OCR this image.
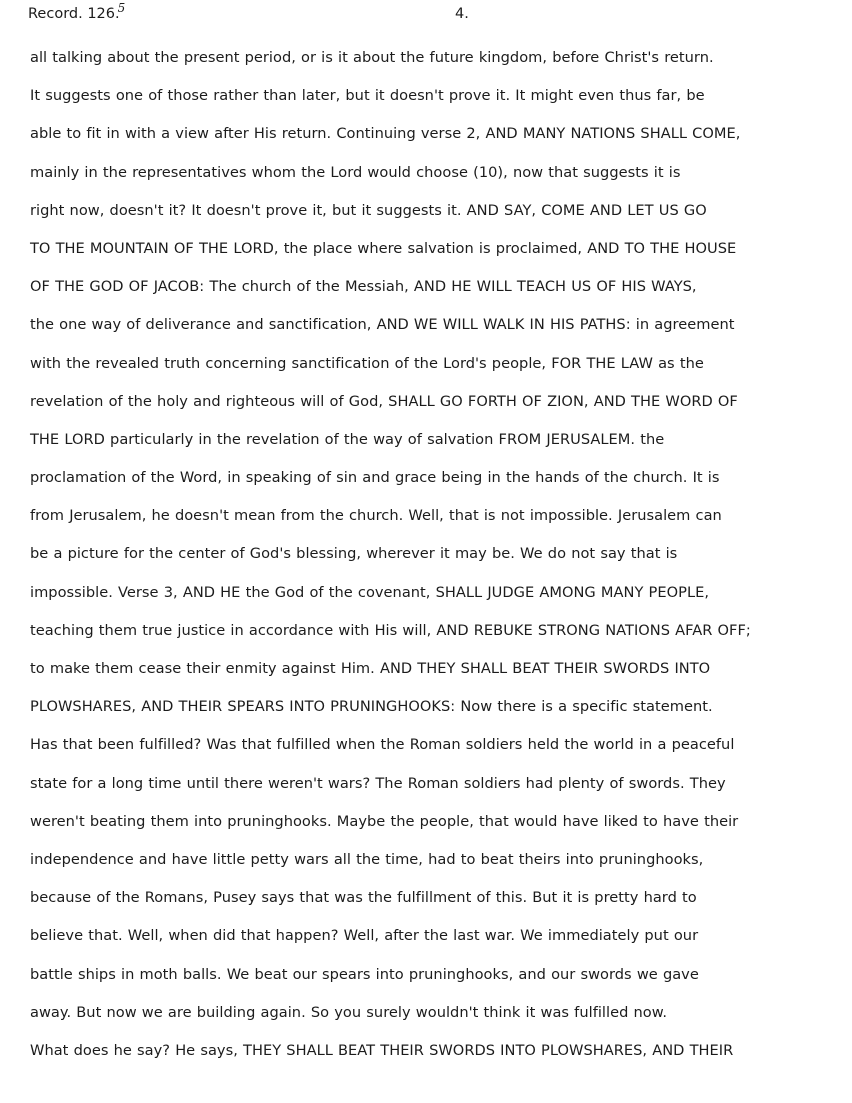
Record. 126.$^5$	4.
all talking about the present period, or is it about the future kingdom, before Christ's return.
It suggests one of those rather than later, but it doesn't prove it. It might even thus far, be
able to fit in with a view after His return. Continuing verse 2, AND MANY NATIONS SHALL COME,
mainly in the representatives whom the Lord would choose (10), now that suggests it is
right now, doesn't it? It doesn't prove it, but it suggests it. AND SAY, COME AND LET US GO
TO THE MOUNTAIN OF THE LORD, the place where salvation is proclaimed, AND TO THE HOUSE
OF THE GOD OF JACOB: The church of the Messiah, AND HE WILL TEACH US OF HIS WAYS,
the one way of deliverance and sanctification, AND WE WILL WALK IN HIS PATHS: in agreement
with the revealed truth concerning sanctification of the Lord's people, FOR THE LAW as the
revelation of the holy and righteous will of God, SHALL GO FORTH OF ZION, AND THE WORD OF
THE LORD particularly in the revelation of the way of salvation FROM JERUSALEM. the
proclamation of the Word, in speaking of sin and grace being in the hands of the church. It is
from Jerusalem, he doesn't mean from the church. Well, that is not impossible. Jerusalem can
be a picture for the center of God's blessing, wherever it may be. We do not say that is
impossible. Verse 3, AND HE the God of the covenant, SHALL JUDGE AMONG MANY PEOPLE,
teaching them true justice in accordance with His will, AND REBUKE STRONG NATIONS AFAR OFF;
to make them cease their enmity against Him. AND THEY SHALL BEAT THEIR SWORDS INTO
PLOWSHARES, AND THEIR SPEARS INTO PRUNINGHOOKS: Now there is a specific statement.
Has that been fulfilled? Was that fulfilled when the Roman soldiers held the world in a peaceful
state for a long time until there weren't wars? The Roman soldiers had plenty of swords. They
weren't beating them into pruninghooks. Maybe the people, that would have liked to have their
independence and have little petty wars all the time, had to beat theirs into pruninghooks,
because of the Romans, Pusey says that was the fulfillment of this. But it is pretty hard to
believe that. Well, when did that happen? Well, after the last war. We immediately put our
battle ships in moth balls. We beat our spears into pruninghooks, and our swords we gave
away. But now we are building again. So you surely wouldn't think it was fulfilled now.
What does he say? He says, THEY SHALL BEAT THEIR SWORDS INTO PLOWSHARES, AND THEIR
